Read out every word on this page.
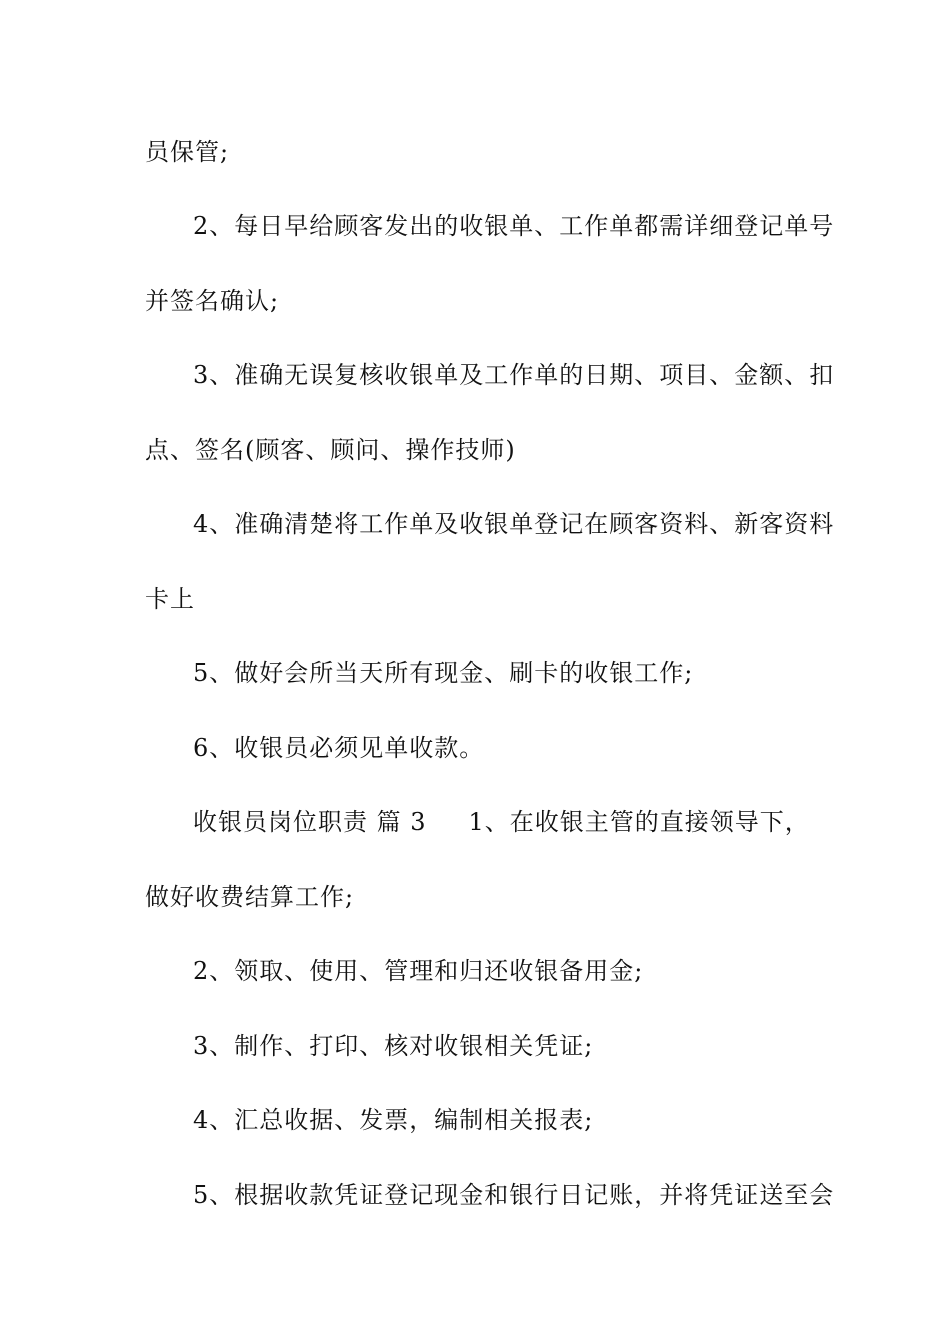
员保管;
2、每日早给顾客发出的收银单、工作单都需详细登记单号
并签名确认;
3、准确无误复核收银单及工作单的日期、项目、金额、扣
点、签名(顾客、顾问、操作技师)
4、准确清楚将工作单及收银单登记在顾客资料、新客资料
卡上
5、做好会所当天所有现金、刷卡的收银工作;
6、收银员必须见单收款。
收银员岗位职责 篇 3 1、在收银主管的直接领导下，
做好收费结算工作;
2、领取、使用、管理和归还收银备用金;
3、制作、打印、核对收银相关凭证;
4、汇总收据、发票，编制相关报表;
5、根据收款凭证登记现金和银行日记账，并将凭证送至会
